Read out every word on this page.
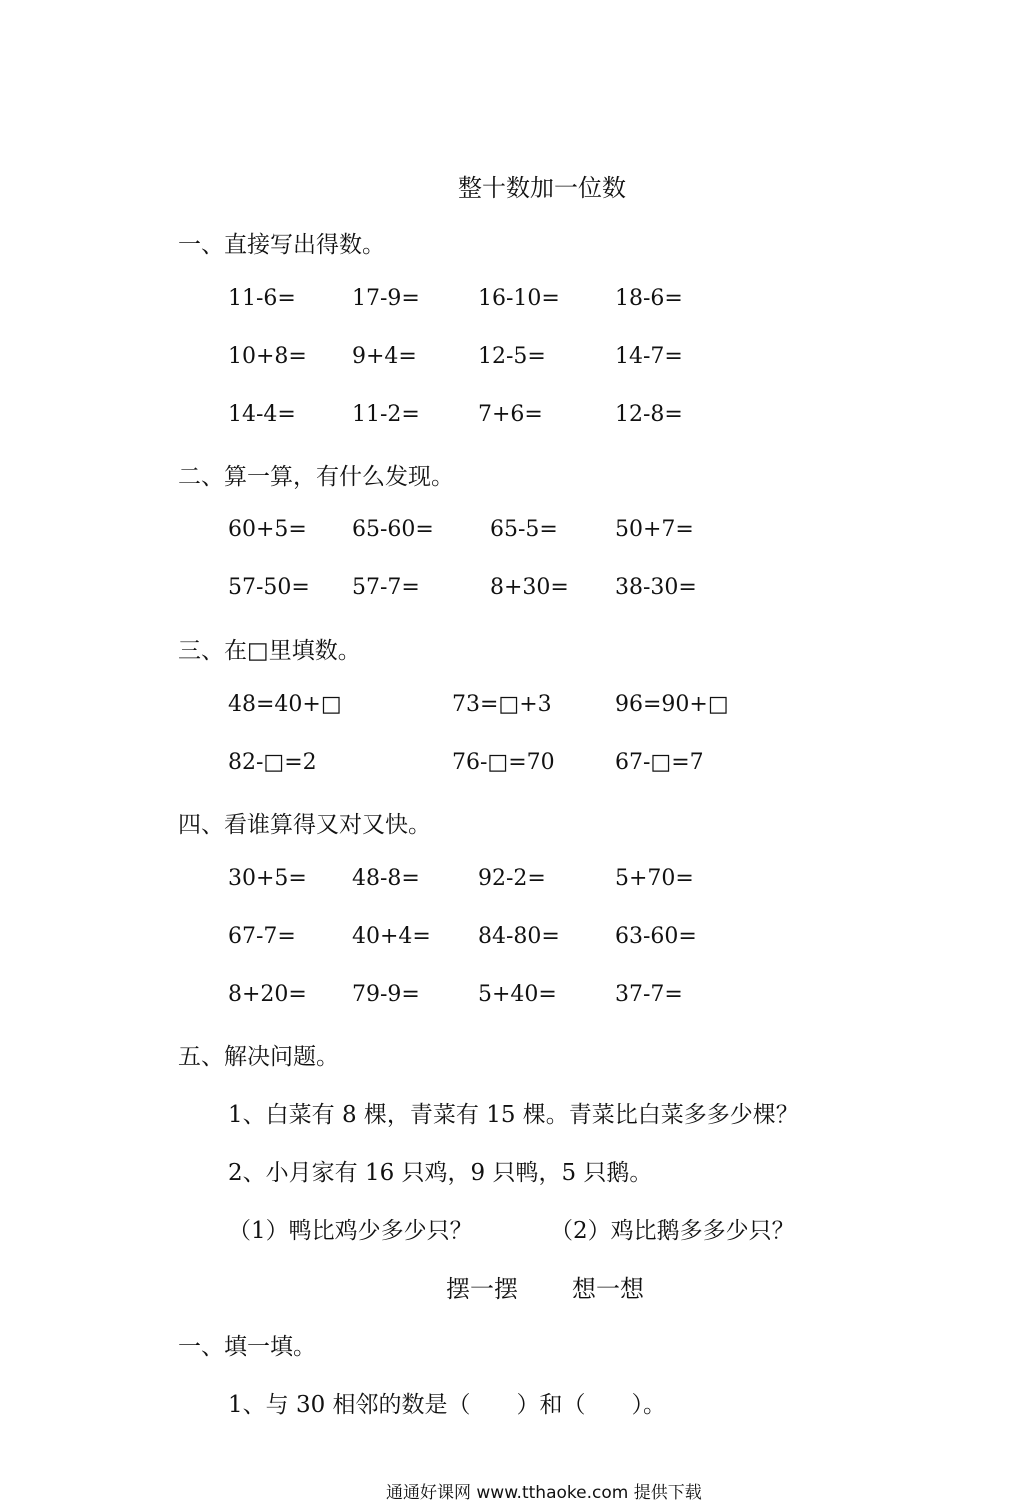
整十数加一位数
一、直接写出得数。
11-6=	17-9=	16-10=	18-6=
10+8= 9+4=	12-5=	14-7=
14-4=	11-2=	7+6=	12-8=
二、算一算，有什么发现。
60+5= 65-60=	65-5=	50+7=
57-50= 57-7=	8+30= 38-30=
三、在□里填数。
48=40+□	73=□+3	96=90+□
82-□=2	76-□=70	67-□=7
四、看谁算得又对又快。
30+5= 48-8=	92-2=	5+70=
67-7=	40+4= 84-80=	63-60=
8+20= 79-9=	5+40=	37-7=
五、解决问题。
1、白菜有 8 棵，青菜有 15 棵。青菜比白菜多多少棵？
2、小月家有 16 只鸡，9 只鸭，5 只鹅。
（1）鸭比鸡少多少只？	（2）鸡比鹅多多少只？
摆一摆 想一想
一、填一填。
1、与 30 相邻的数是（　　）和（　　）。
通通好课网 www.tthaoke.com 提供下载
